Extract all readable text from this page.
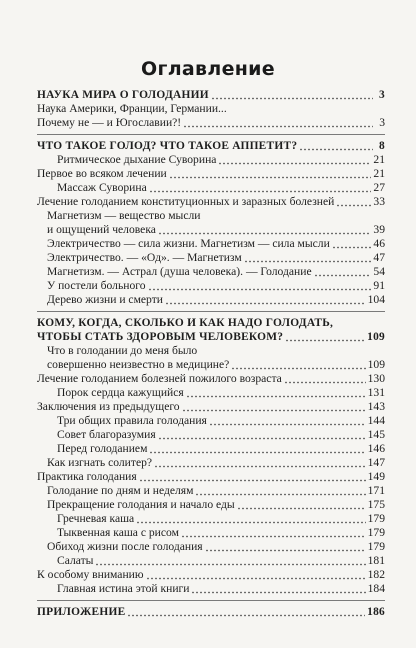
Оглавление
НАУКА МИРА О ГОЛОДАНИИ	3
Наука Америки, Франции, Германии...
Почему не — и Югославии?!	3
ЧТО ТАКОЕ ГОЛОД? ЧТО ТАКОЕ АППЕТИТ?	8
Ритмическое дыхание Суворина	21
Первое во всяком лечении	21
Массаж Суворина	27
Лечение голоданием конституционных и заразных болезней	33
Магнетизм — вещество мысли
и ощущений человека	39
Электричество — сила жизни. Магнетизм — сила мысли	46
Электричество. — «Од». — Магнетизм	47
Магнетизм. — Астрал (душа человека). — Голодание	54
У постели больного	91
Дерево жизни и смерти	104
КОМУ, КОГДА, СКОЛЬКО И КАК НАДО ГОЛОДАТЬ,
ЧТОБЫ СТАТЬ ЗДОРОВЫМ ЧЕЛОВЕКОМ?	109
Что в голодании до меня было
совершенно неизвестно в медицине?	109
Лечение голоданием болезней пожилого возраста	130
Порок сердца кажущийся	131
Заключения из предыдущего	143
Три общих правила голодания	144
Совет благоразумия	145
Перед голоданием	146
Как изгнать солитер?	147
Практика голодания	149
Голодание по дням и неделям	171
Прекращение голодания и начало еды	175
Гречневая каша	179
Тыквенная каша с рисом	179
Обиход жизни после голодания	179
Салаты	181
К особому вниманию	182
Главная истина этой книги	184
ПРИЛОЖЕНИЕ	186
